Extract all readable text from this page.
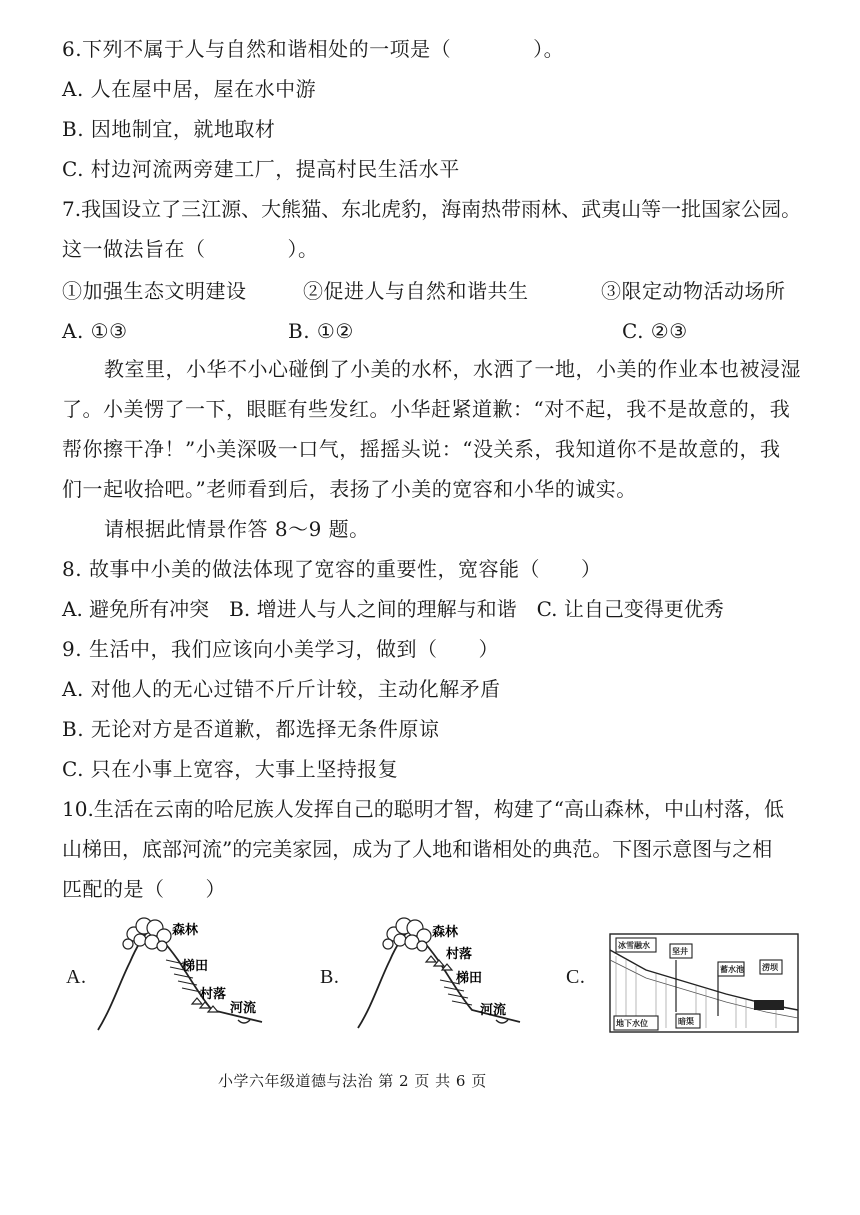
6.下列不属于人与自然和谐相处的一项是（　　　　）。
A. 人在屋中居，屋在水中游
B. 因地制宜，就地取材
C. 村边河流两旁建工厂，提高村民生活水平
7.我国设立了三江源、大熊猫、东北虎豹，海南热带雨林、武夷山等一批国家公园。
这一做法旨在（　　　　）。
①加强生态文明建设	②促进人与自然和谐共生	③限定动物活动场所
A. ①③	B. ①②	C. ②③
教室里，小华不小心碰倒了小美的水杯，水洒了一地，小美的作业本也被浸湿
了。小美愣了一下，眼眶有些发红。小华赶紧道歉：“对不起，我不是故意的，我
帮你擦干净！”小美深吸一口气，摇摇头说：“没关系，我知道你不是故意的，我
们一起收拾吧。”老师看到后，表扬了小美的宽容和小华的诚实。
请根据此情景作答 8～9 题。
8. 故事中小美的做法体现了宽容的重要性，宽容能（　　）
A. 避免所有冲突　B. 增进人与人之间的理解与和谐　C. 让自己变得更优秀
9. 生活中，我们应该向小美学习，做到（　　）
A. 对他人的无心过错不斤斤计较，主动化解矛盾
B. 无论对方是否道歉，都选择无条件原谅
C. 只在小事上宽容，大事上坚持报复
10.生活在云南的哈尼族人发挥自己的聪明才智，构建了“高山森林，中山村落，低
山梯田，底部河流”的完美家园，成为了人地和谐相处的典范。下图示意图与之相
匹配的是（　　）
A.
森林
梯田
村落
河流
B.
森林
村落
梯田
河流
C.
冰雪融水
坚井
蓄水池 涝坝
地下水位	暗渠
小学六年级道德与法治 第 2 页 共 6 页
